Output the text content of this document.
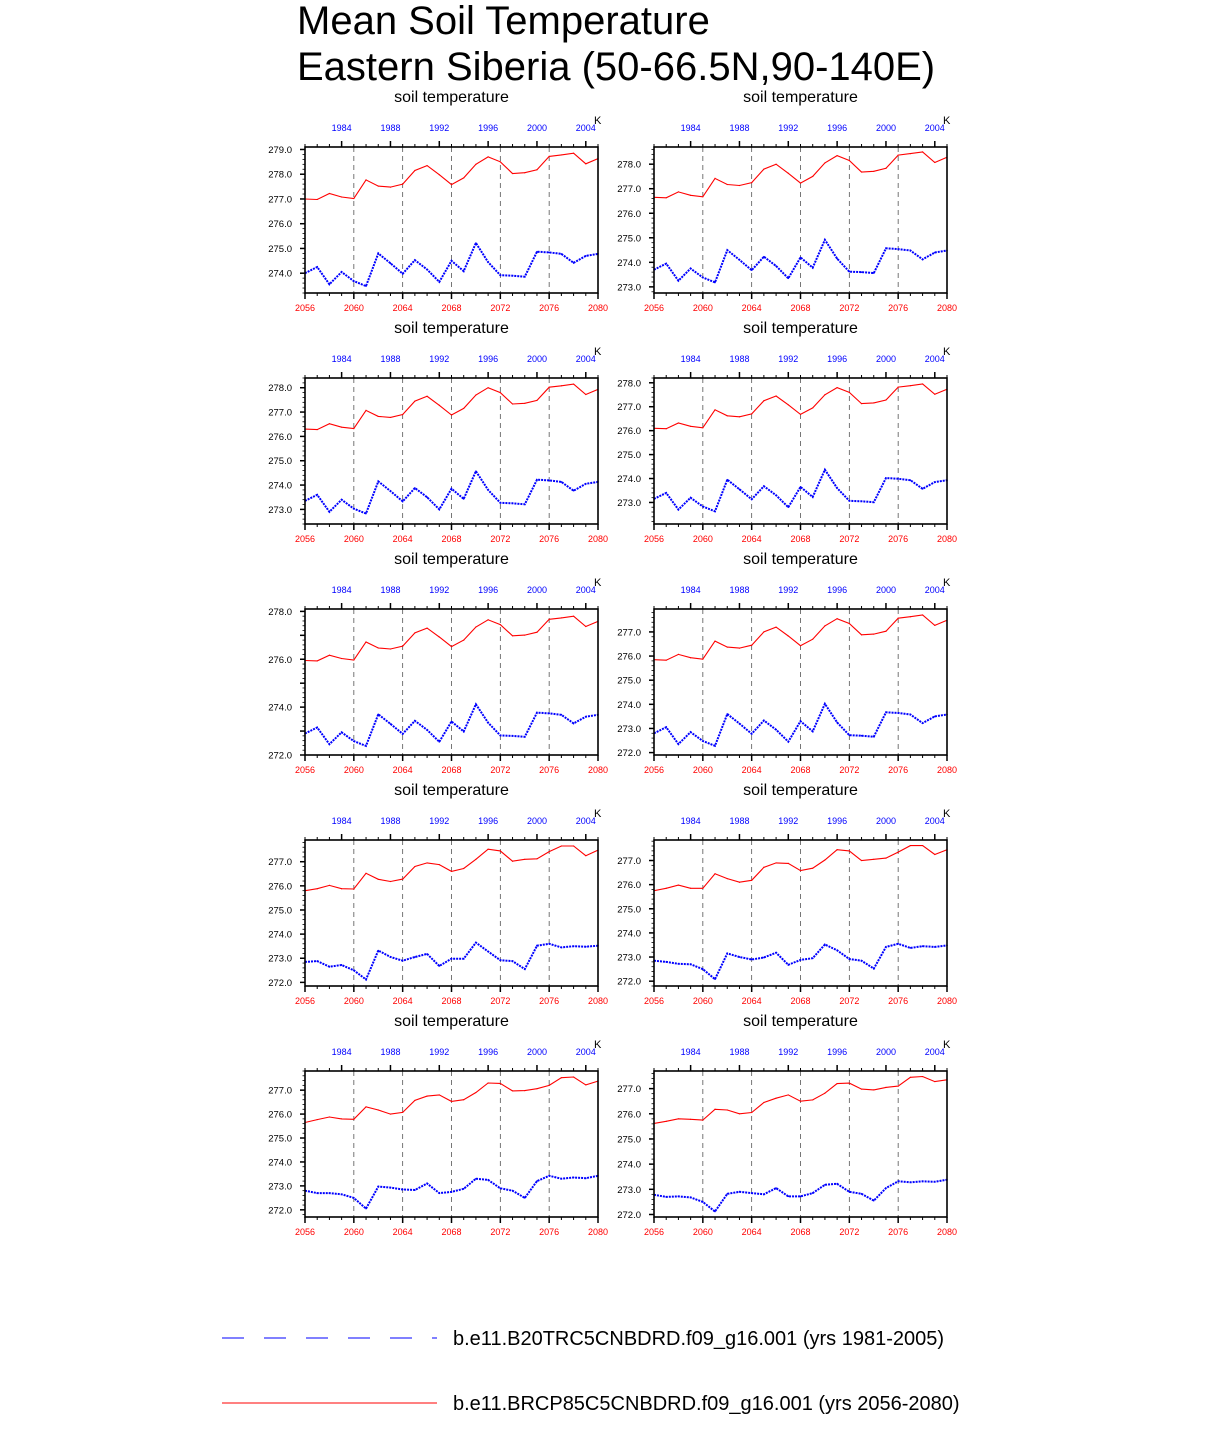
Mean Soil Temperature
Eastern Siberia (50-66.5N,90-140E)
soil temperature
K
2056	2060	2064	2068	2072	2076	2080
1984	1988	1992	1996	2000	2004
274.0
275.0
276.0
277.0
278.0
279.0
soil temperature
K
2056	2060	2064	2068	2072	2076	2080
1984	1988	1992	1996	2000	2004
273.0
274.0
275.0
276.0
277.0
278.0
soil temperature
K
2056	2060	2064	2068	2072	2076	2080
1984	1988	1992	1996	2000	2004
273.0
274.0
275.0
276.0
277.0
278.0
soil temperature
K
2056	2060	2064	2068	2072	2076	2080
1984	1988	1992	1996	2000	2004
273.0
274.0
275.0
276.0
277.0
278.0
soil temperature
K
2056	2060	2064	2068	2072	2076	2080
1984	1988	1992	1996	2000	2004
272.0
274.0
276.0
278.0
soil temperature
K
2056	2060	2064	2068	2072	2076	2080
1984	1988	1992	1996	2000	2004
272.0
273.0
274.0
275.0
276.0
277.0
soil temperature
K
2056	2060	2064	2068	2072	2076	2080
1984	1988	1992	1996	2000	2004
272.0
273.0
274.0
275.0
276.0
277.0
soil temperature
K
2056	2060	2064	2068	2072	2076	2080
1984	1988	1992	1996	2000	2004
272.0
273.0
274.0
275.0
276.0
277.0
soil temperature
K
2056	2060	2064	2068	2072	2076	2080
1984	1988	1992	1996	2000	2004
272.0
273.0
274.0
275.0
276.0
277.0
soil temperature
K
2056	2060	2064	2068	2072	2076	2080
1984	1988	1992	1996	2000	2004
272.0
273.0
274.0
275.0
276.0
277.0
b.e11.B20TRC5CNBDRD.f09_g16.001 (yrs 1981-2005)
b.e11.BRCP85C5CNBDRD.f09_g16.001 (yrs 2056-2080)
